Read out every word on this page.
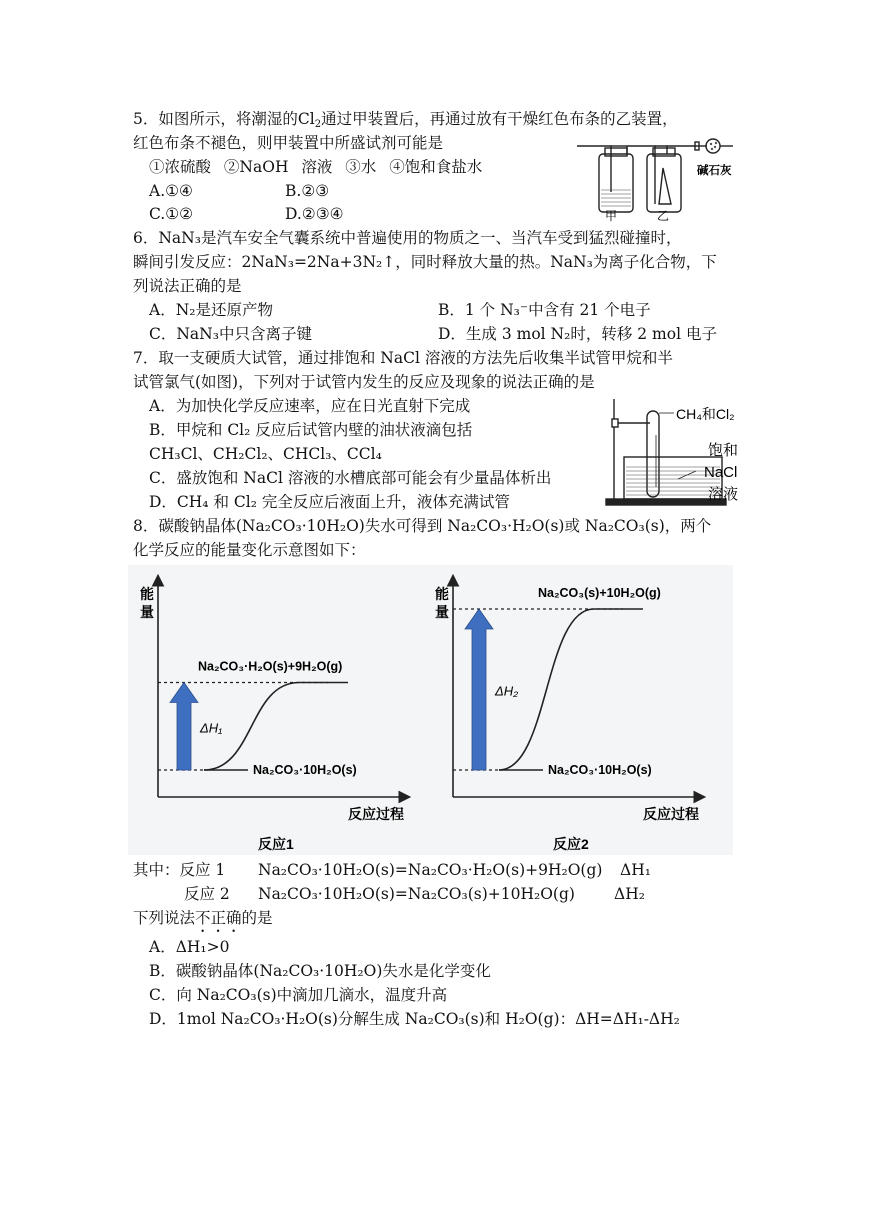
5．如图所示，将潮湿的$Cl_2$通过甲装置后，再通过放有干燥红色布条的乙装置，
红色布条不褪色，则甲装置中所盛试剂可能是
①浓硫酸 ②NaOH 溶液 ③水 ④饱和食盐水
A.①④	B.②③
C.①②	D.②③④	甲	乙
碱石灰
6．NaN₃是汽车安全气囊系统中普遍使用的物质之一、当汽车受到猛烈碰撞时，
瞬间引发反应：2NaN₃=2Na+3N₂↑，同时释放大量的热。NaN₃为离子化合物，下
列说法正确的是
A．N₂是还原产物	B．1 个 N₃⁻中含有 21 个电子
C．NaN₃中只含离子键	D．生成 3 mol N₂时，转移 2 mol 电子
7．取一支硬质大试管，通过排饱和 NaCl 溶液的方法先后收集半试管甲烷和半
试管氯气(如图)，下列对于试管内发生的反应及现象的说法正确的是
A．为加快化学反应速率，应在日光直射下完成
B．甲烷和 Cl₂ 反应后试管内壁的油状液滴包括
CH₃Cl、CH₂Cl₂、CHCl₃、CCl₄
C．盛放饱和 NaCl 溶液的水槽底部可能会有少量晶体析出
D．CH₄ 和 Cl₂ 完全反应后液面上升，液体充满试管
CH₄和Cl₂
饱和
NaCl
溶液
8．碳酸钠晶体(Na₂CO₃·10H₂O)失水可得到 Na₂CO₃·H₂O(s)或 Na₂CO₃(s)，两个
化学反应的能量变化示意图如下：
能
量
反应过程
反应1
ΔH₁
Na₂CO₃·10H₂O(s)
Na₂CO₃·H₂O(s)+9H₂O(g)
能
量
反应过程
反应2
ΔH₂
Na₂CO₃·10H₂O(s)
Na₂CO₃(s)+10H₂O(g)
其中：反应 1 Na₂CO₃·10H₂O(s)=Na₂CO₃·H₂O(s)+9H₂O(g) ΔH₁
反应 2 Na₂CO₃·10H₂O(s)=Na₂CO₃(s)+10H₂O(g)	ΔH₂
下列说法不正确的是
A．ΔH₁>0
B．碳酸钠晶体(Na₂CO₃·10H₂O)失水是化学变化
C．向 Na₂CO₃(s)中滴加几滴水，温度升高
D．1mol Na₂CO₃·H₂O(s)分解生成 Na₂CO₃(s)和 H₂O(g)：ΔH=ΔH₁-ΔH₂
